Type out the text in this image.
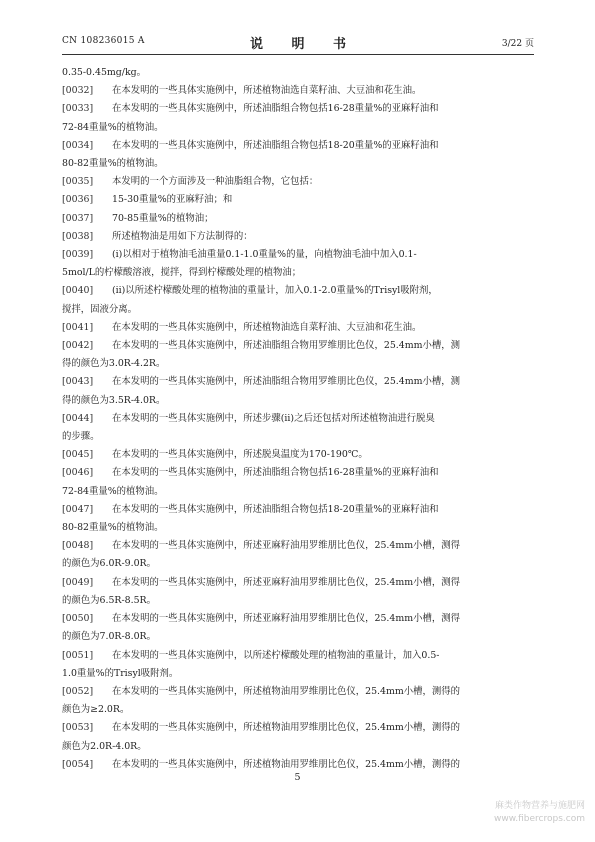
CN 108236015 A	说 明 书	3/22 页
0.35-0.45mg/kg。
[0032] 在本发明的一些具体实施例中，所述植物油选自菜籽油、大豆油和花生油。
[0033] 在本发明的一些具体实施例中，所述油脂组合物包括16-28重量%的亚麻籽油和
72-84重量%的植物油。
[0034] 在本发明的一些具体实施例中，所述油脂组合物包括18-20重量%的亚麻籽油和
80-82重量%的植物油。
[0035] 本发明的一个方面涉及一种油脂组合物，它包括：
[0036] 15-30重量%的亚麻籽油；和
[0037] 70-85重量%的植物油；
[0038] 所述植物油是用如下方法制得的：
[0039] (i)以相对于植物油毛油重量0.1-1.0重量%的量，向植物油毛油中加入0.1-
5mol/L的柠檬酸溶液，搅拌，得到柠檬酸处理的植物油；
[0040] (ii)以所述柠檬酸处理的植物油的重量计，加入0.1-2.0重量%的Trisyl吸附剂，
搅拌，固液分离。
[0041] 在本发明的一些具体实施例中，所述植物油选自菜籽油、大豆油和花生油。
[0042] 在本发明的一些具体实施例中，所述油脂组合物用罗维朋比色仪，25.4mm小槽，测
得的颜色为3.0R-4.2R。
[0043] 在本发明的一些具体实施例中，所述油脂组合物用罗维朋比色仪，25.4mm小槽，测
得的颜色为3.5R-4.0R。
[0044] 在本发明的一些具体实施例中，所述步骤(ii)之后还包括对所述植物油进行脱臭
的步骤。
[0045] 在本发明的一些具体实施例中，所述脱臭温度为170-190℃。
[0046] 在本发明的一些具体实施例中，所述油脂组合物包括16-28重量%的亚麻籽油和
72-84重量%的植物油。
[0047] 在本发明的一些具体实施例中，所述油脂组合物包括18-20重量%的亚麻籽油和
80-82重量%的植物油。
[0048] 在本发明的一些具体实施例中，所述亚麻籽油用罗维朋比色仪，25.4mm小槽，测得
的颜色为6.0R-9.0R。
[0049] 在本发明的一些具体实施例中，所述亚麻籽油用罗维朋比色仪，25.4mm小槽，测得
的颜色为6.5R-8.5R。
[0050] 在本发明的一些具体实施例中，所述亚麻籽油用罗维朋比色仪，25.4mm小槽，测得
的颜色为7.0R-8.0R。
[0051] 在本发明的一些具体实施例中，以所述柠檬酸处理的植物油的重量计，加入0.5-
1.0重量%的Trisyl吸附剂。
[0052] 在本发明的一些具体实施例中，所述植物油用罗维朋比色仪，25.4mm小槽，测得的
颜色为≥2.0R。
[0053] 在本发明的一些具体实施例中，所述植物油用罗维朋比色仪，25.4mm小槽，测得的
颜色为2.0R-4.0R。
[0054] 在本发明的一些具体实施例中，所述植物油用罗维朋比色仪，25.4mm小槽，测得的
5
麻类作物营养与施肥网
www.fibercrops.com
